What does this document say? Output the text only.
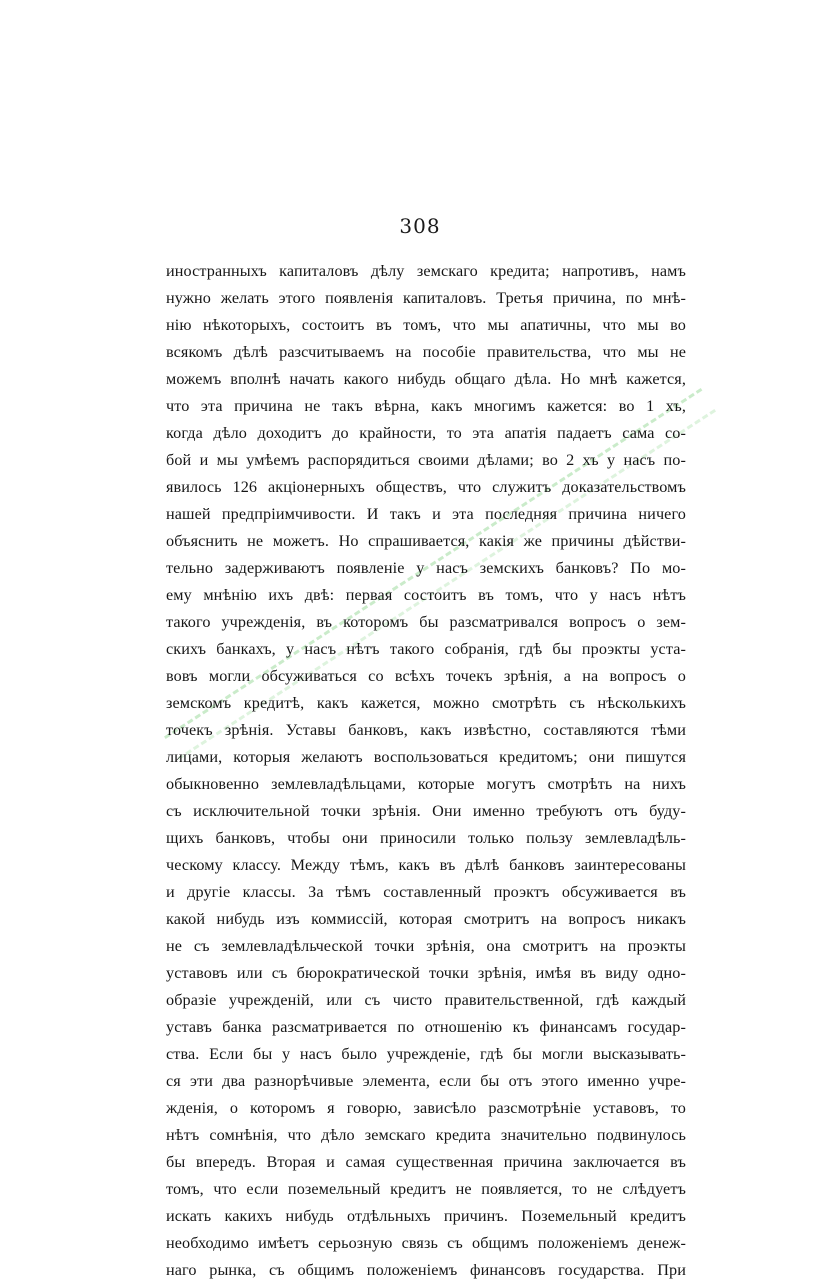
308
иностранныхъ капиталовъ дѣлу земскаго кредита; напротивъ, намъ
нужно желать этого появленія капиталовъ. Третья причина, по мнѣ-
нію нѣкоторыхъ, состоитъ въ томъ, что мы апатичны, что мы во
всякомъ дѣлѣ разсчитываемъ на пособіе правительства, что мы не
можемъ вполнѣ начать какого нибудь общаго дѣла. Но мнѣ кажется,
что эта причина не такъ вѣрна, какъ многимъ кажется: во 1 хъ,
когда дѣло доходитъ до крайности, то эта апатія падаетъ сама со-
бой и мы умѣемъ распорядиться своими дѣлами; во 2 хъ у насъ по-
явилось 126 акціонерныхъ обществъ, что служитъ доказательствомъ
нашей предпріимчивости. И такъ и эта последняя причина ничего
объяснить не можетъ. Но спрашивается, какія же причины дѣйстви-
тельно задерживаютъ появленіе у насъ земскихъ банковъ? По мо-
ему мнѣнію ихъ двѣ: первая состоитъ въ томъ, что у насъ нѣтъ
такого учрежденія, въ которомъ бы разсматривался вопросъ о зем-
скихъ банкахъ, у насъ нѣтъ такого собранія, гдѣ бы проэкты уста-
вовъ могли обсуживаться со всѣхъ точекъ зрѣнія, а на вопросъ о
земскомъ кредитѣ, какъ кажется, можно смотрѣть съ нѣсколькихъ
точекъ зрѣнія. Уставы банковъ, какъ извѣстно, составляются тѣми
лицами, которыя желаютъ воспользоваться кредитомъ; они пишутся
обыкновенно землевладѣльцами, которые могутъ смотрѣть на нихъ
съ исключительной точки зрѣнія. Они именно требуютъ отъ буду-
щихъ банковъ, чтобы они приносили только пользу землевладѣль-
ческому классу. Между тѣмъ, какъ въ дѣлѣ банковъ заинтересованы
и другіе классы. За тѣмъ составленный проэктъ обсуживается въ
какой нибудь изъ коммиссій, которая смотритъ на вопросъ никакъ
не съ землевладѣльческой точки зрѣнія, она смотритъ на проэкты
уставовъ или съ бюрократической точки зрѣнія, имѣя въ виду одно-
образіе учрежденій, или съ чисто правительственной, гдѣ каждый
уставъ банка разсматривается по отношенію къ финансамъ государ-
ства. Если бы у насъ было учрежденіе, гдѣ бы могли высказывать-
ся эти два разнорѣчивые элемента, если бы отъ этого именно учре-
жденія, о которомъ я говорю, зависѣло разсмотрѣніе уставовъ, то
нѣтъ сомнѣнія, что дѣло земскаго кредита значительно подвинулось
бы впередъ. Вторая и самая существенная причина заключается въ
томъ, что если поземельный кредитъ не появляется, то не слѣдуетъ
искать какихъ нибудь отдѣльныхъ причинъ. Поземельный кредитъ
необходимо имѣетъ серьозную связь съ общимъ положеніемъ денеж-
наго рынка, съ общимъ положеніемъ финансовъ государства. При
